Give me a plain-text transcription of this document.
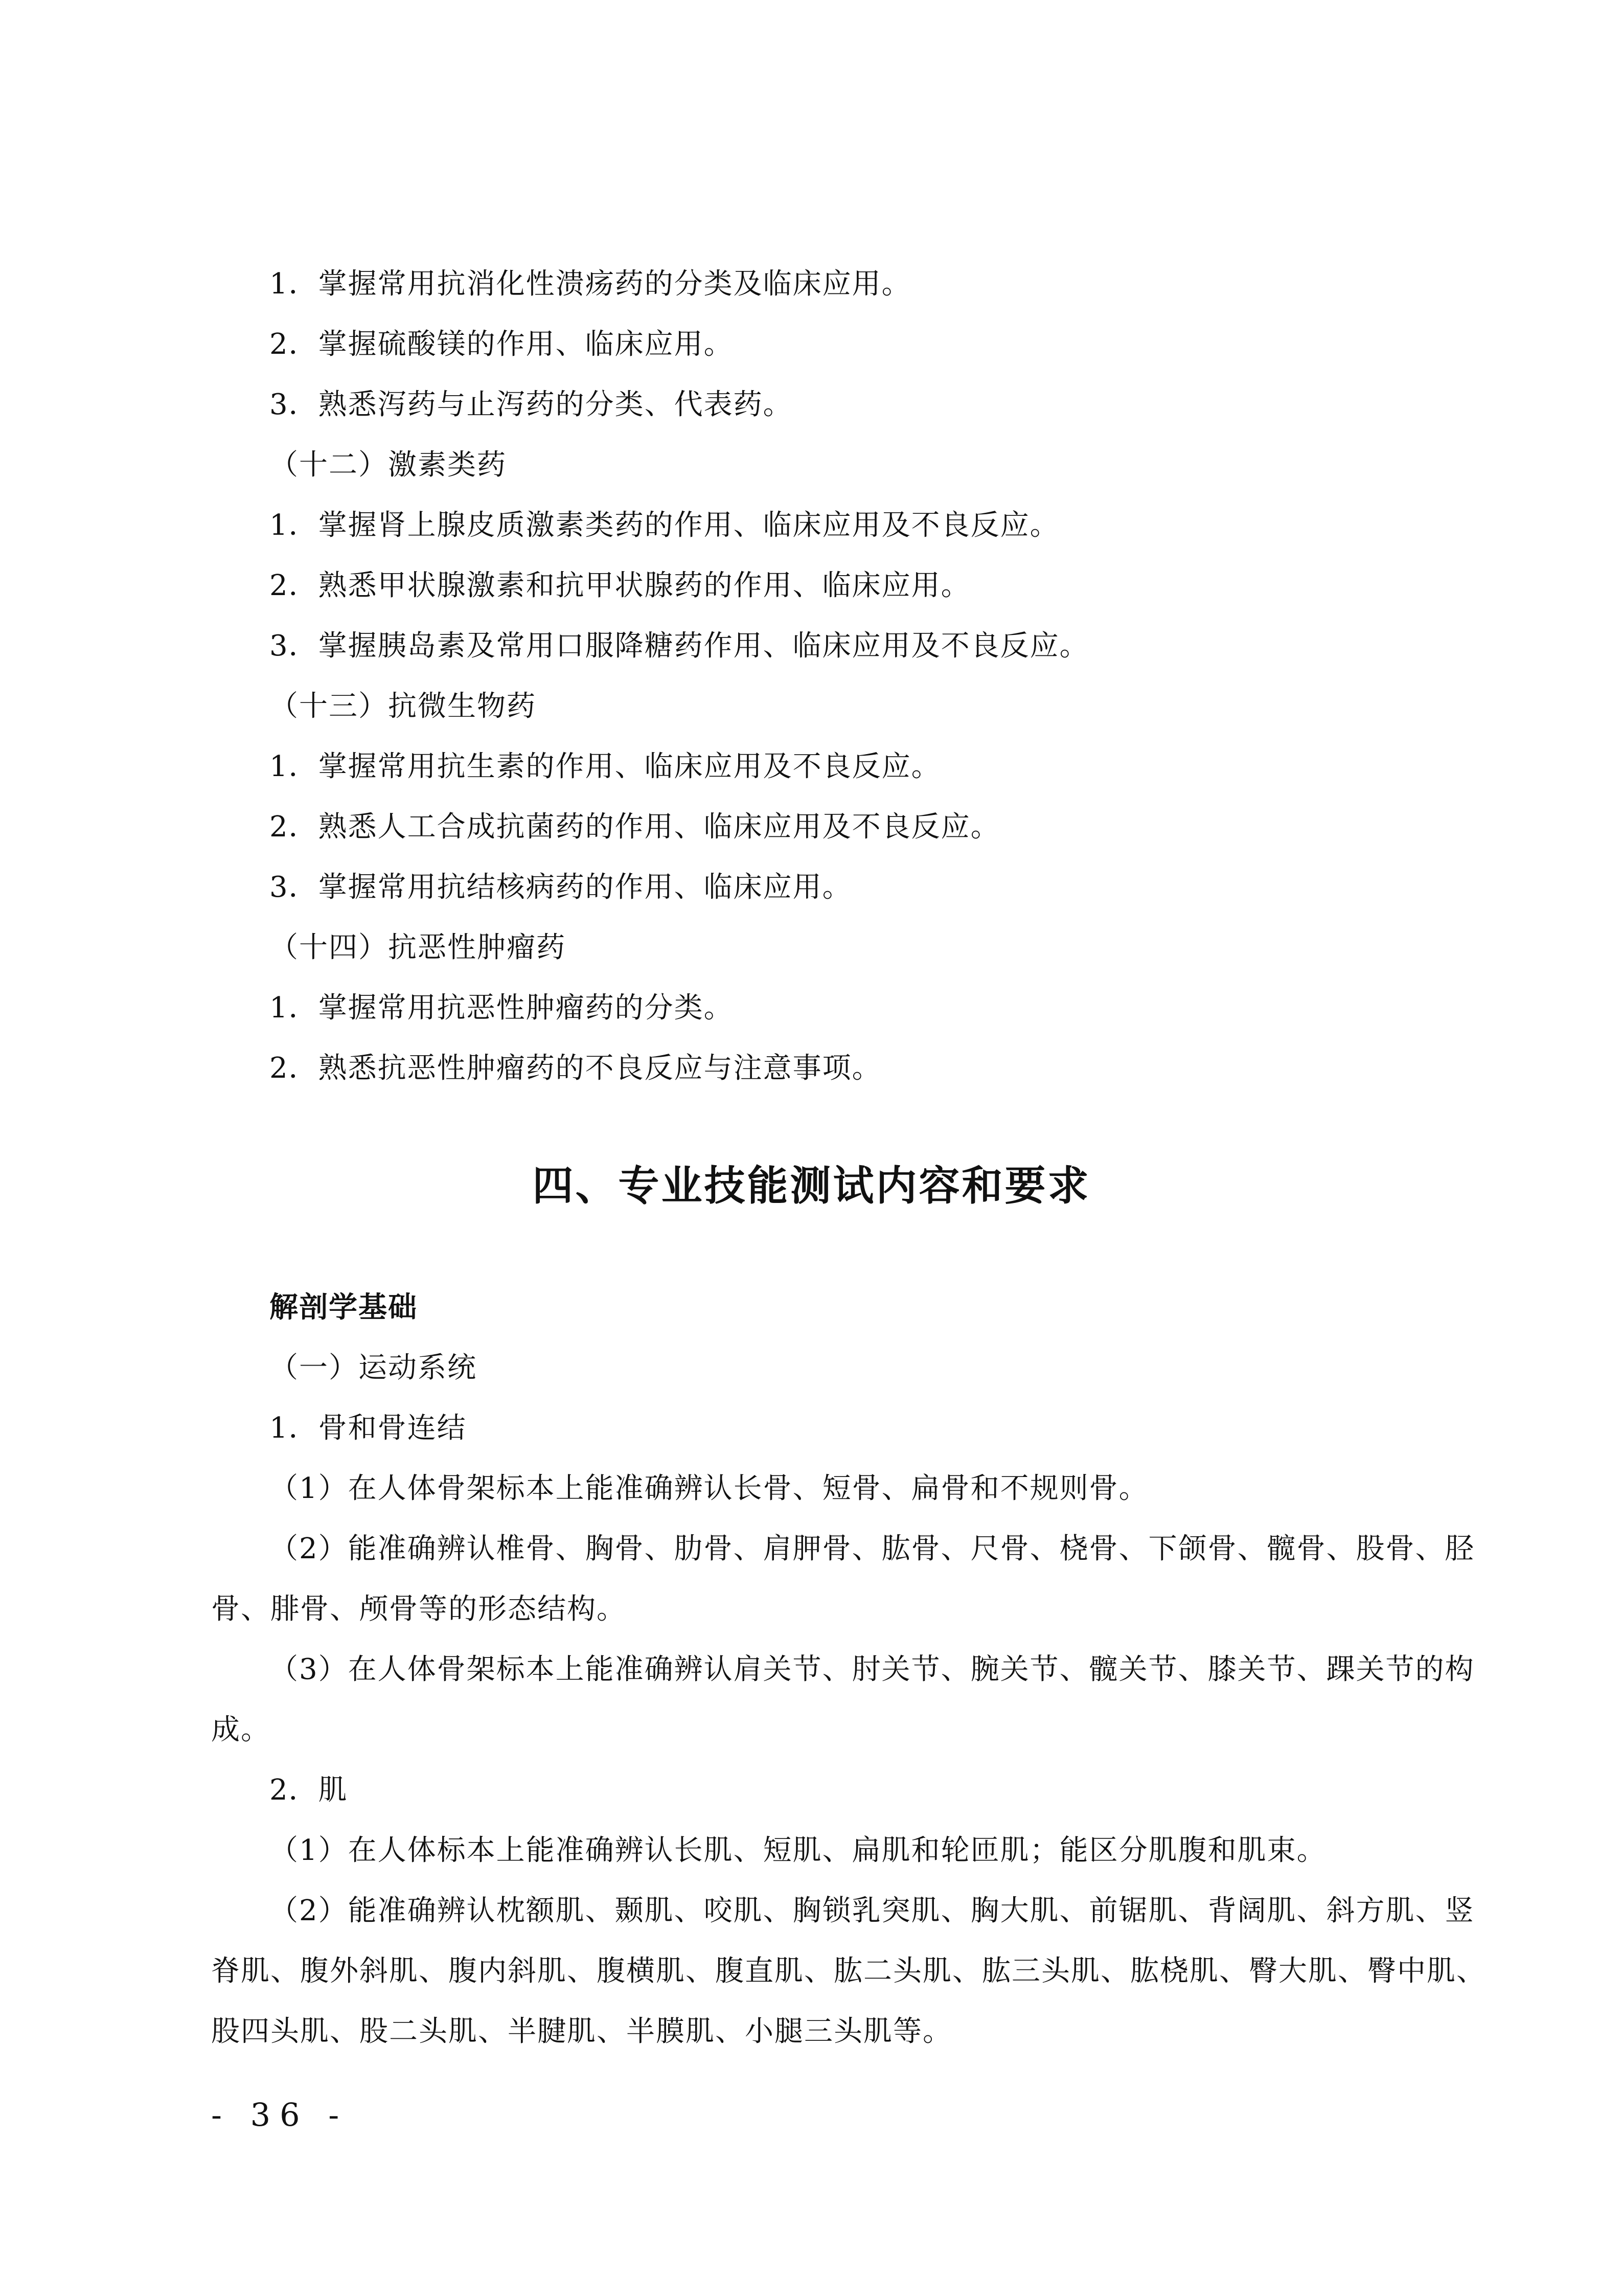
1．掌握常用抗消化性溃疡药的分类及临床应用。
2．掌握硫酸镁的作用、临床应用。
3．熟悉泻药与止泻药的分类、代表药。
（十二）激素类药
1．掌握肾上腺皮质激素类药的作用、临床应用及不良反应。
2．熟悉甲状腺激素和抗甲状腺药的作用、临床应用。
3．掌握胰岛素及常用口服降糖药作用、临床应用及不良反应。
（十三）抗微生物药
1．掌握常用抗生素的作用、临床应用及不良反应。
2．熟悉人工合成抗菌药的作用、临床应用及不良反应。
3．掌握常用抗结核病药的作用、临床应用。
（十四）抗恶性肿瘤药
1．掌握常用抗恶性肿瘤药的分类。
2．熟悉抗恶性肿瘤药的不良反应与注意事项。
四、专业技能测试内容和要求
解剖学基础
（一）运动系统
1．骨和骨连结
（1）在人体骨架标本上能准确辨认长骨、短骨、扁骨和不规则骨。
（2）能准确辨认椎骨、胸骨、肋骨、肩胛骨、肱骨、尺骨、桡骨、下颌骨、髋骨、股骨、胫
骨、腓骨、颅骨等的形态结构。
（3）在人体骨架标本上能准确辨认肩关节、肘关节、腕关节、髋关节、膝关节、踝关节的构
成。
2．肌
（1）在人体标本上能准确辨认长肌、短肌、扁肌和轮匝肌；能区分肌腹和肌束。
（2）能准确辨认枕额肌、颞肌、咬肌、胸锁乳突肌、胸大肌、前锯肌、背阔肌、斜方肌、竖
脊肌、腹外斜肌、腹内斜肌、腹横肌、腹直肌、肱二头肌、肱三头肌、肱桡肌、臀大肌、臀中肌、
股四头肌、股二头肌、半腱肌、半膜肌、小腿三头肌等。
- 36 -
